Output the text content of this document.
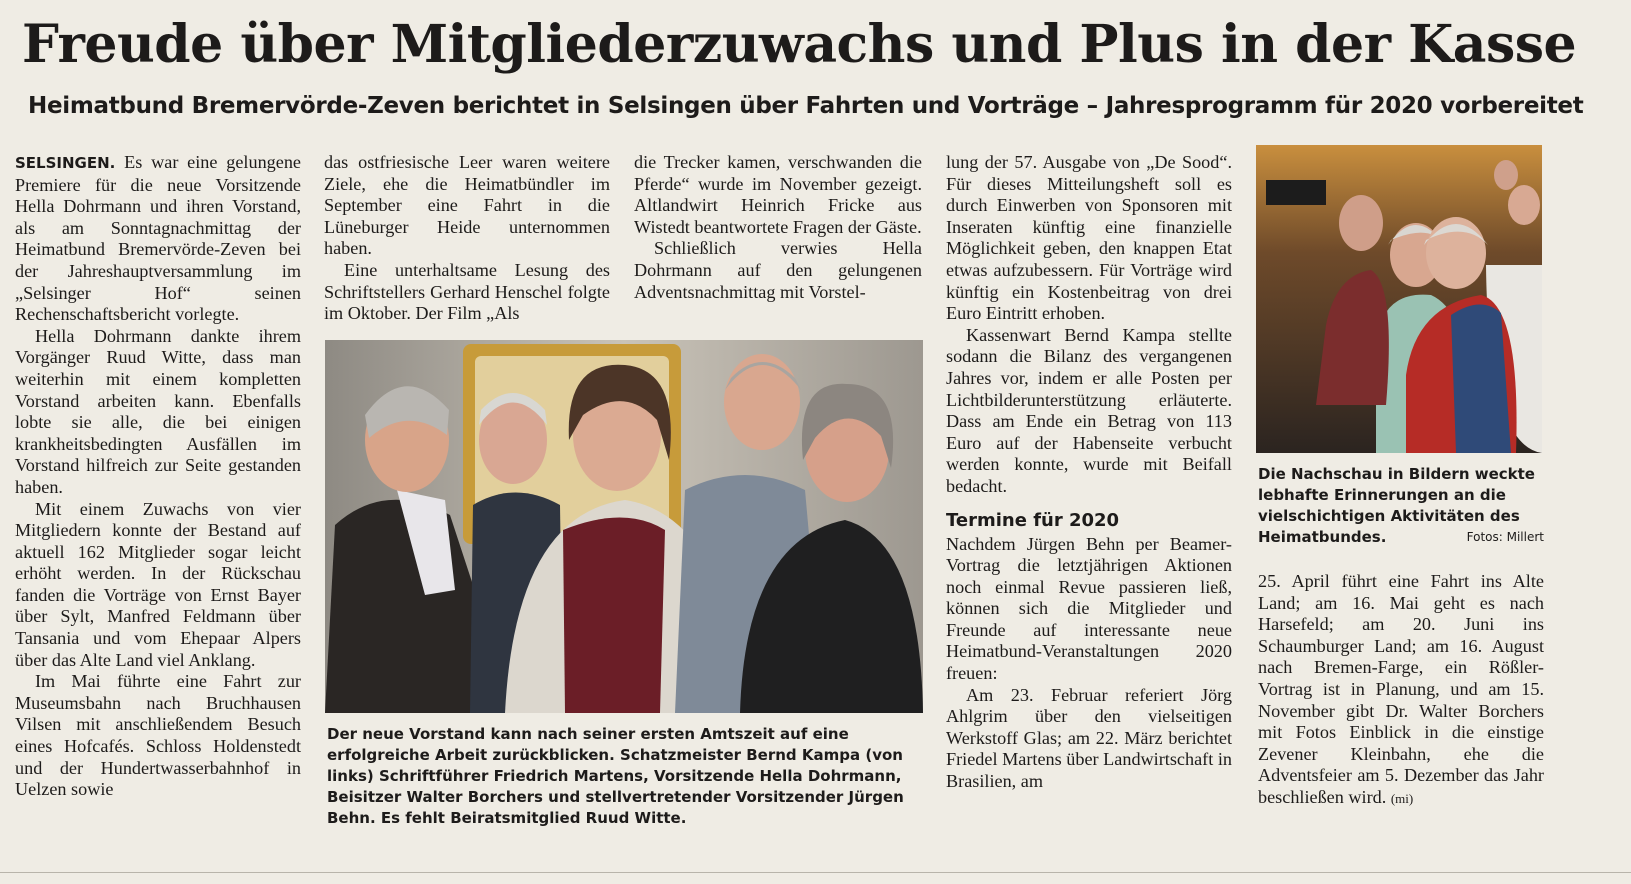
Freude über Mitgliederzuwachs und Plus in der Kasse
Heimatbund Bremervörde-Zeven berichtet in Selsingen über Fahrten und Vorträge – Jahresprogramm für 2020 vorbereitet

SELSINGEN. Es war eine gelungene Premiere für die neue Vorsitzende Hella Dohrmann und ihren Vorstand, als am Sonntagnachmittag der Heimatbund Bremervörde-Zeven bei der Jahreshauptversammlung im „Selsinger Hof“ seinen Rechenschaftsbericht vorlegte.

Hella Dohrmann dankte ihrem Vorgänger Ruud Witte, dass man weiterhin mit einem kompletten Vorstand arbeiten kann. Ebenfalls lobte sie alle, die bei einigen krankheitsbedingten Ausfällen im Vorstand hilfreich zur Seite gestanden haben.

Mit einem Zuwachs von vier Mitgliedern konnte der Bestand auf aktuell 162 Mitglieder sogar leicht erhöht werden. In der Rückschau fanden die Vorträge von Ernst Bayer über Sylt, Manfred Feldmann über Tansania und vom Ehepaar Alpers über das Alte Land viel Anklang.

Im Mai führte eine Fahrt zur Museumsbahn nach Bruchhausen Vilsen mit anschließendem Besuch eines Hofcafés. Schloss Holdenstedt und der Hundertwasserbahnhof in Uelzen sowie

das ostfriesische Leer waren weitere Ziele, ehe die Heimatbündler im September eine Fahrt in die Lüneburger Heide unternommen haben.

Eine unterhaltsame Lesung des Schriftstellers Gerhard Henschel folgte im Oktober. Der Film „Als

die Trecker kamen, verschwanden die Pferde“ wurde im November gezeigt. Altlandwirt Heinrich Fricke aus Wistedt beantwortete Fragen der Gäste.

Schließlich verwies Hella Dohrmann auf den gelungenen Adventsnachmittag mit Vorstel-

Der neue Vorstand kann nach seiner ersten Amtszeit auf eine erfolgreiche Arbeit zurückblicken. Schatzmeister Bernd Kampa (von links) Schriftführer Friedrich Martens, Vorsitzende Hella Dohrmann, Beisitzer Walter Borchers und stellvertretender Vorsitzender Jürgen Behn. Es fehlt Beiratsmitglied Ruud Witte.

lung der 57. Ausgabe von „De Sood“. Für dieses Mitteilungsheft soll es durch Einwerben von Sponsoren mit Inseraten künftig eine finanzielle Möglichkeit geben, den knappen Etat etwas aufzubessern. Für Vorträge wird künftig ein Kostenbeitrag von drei Euro Eintritt erhoben.

Kassenwart Bernd Kampa stellte sodann die Bilanz des vergangenen Jahres vor, indem er alle Posten per Lichtbilderunterstützung erläuterte. Dass am Ende ein Betrag von 113 Euro auf der Habenseite verbucht werden konnte, wurde mit Beifall bedacht.

Termine für 2020

Nachdem Jürgen Behn per Beamer-Vortrag die letztjährigen Aktionen noch einmal Revue passieren ließ, können sich die Mitglieder und Freunde auf interessante neue Heimatbund-Veranstaltungen 2020 freuen:

Am 23. Februar referiert Jörg Ahlgrim über den vielseitigen Werkstoff Glas; am 22. März berichtet Friedel Martens über Landwirtschaft in Brasilien, am

Die Nachschau in Bildern weckte lebhafte Erinnerungen an die vielschichtigen Aktivitäten des Heimatbundes.	Fotos: Millert

25. April führt eine Fahrt ins Alte Land; am 16. Mai geht es nach Harsefeld; am 20. Juni ins Schaumburger Land; am 16. August nach Bremen-Farge, ein Rößler-Vortrag ist in Planung, und am 15. November gibt Dr. Walter Borchers mit Fotos Einblick in die einstige Zevener Kleinbahn, ehe die Adventsfeier am 5. Dezember das Jahr beschließen wird. (mi)
